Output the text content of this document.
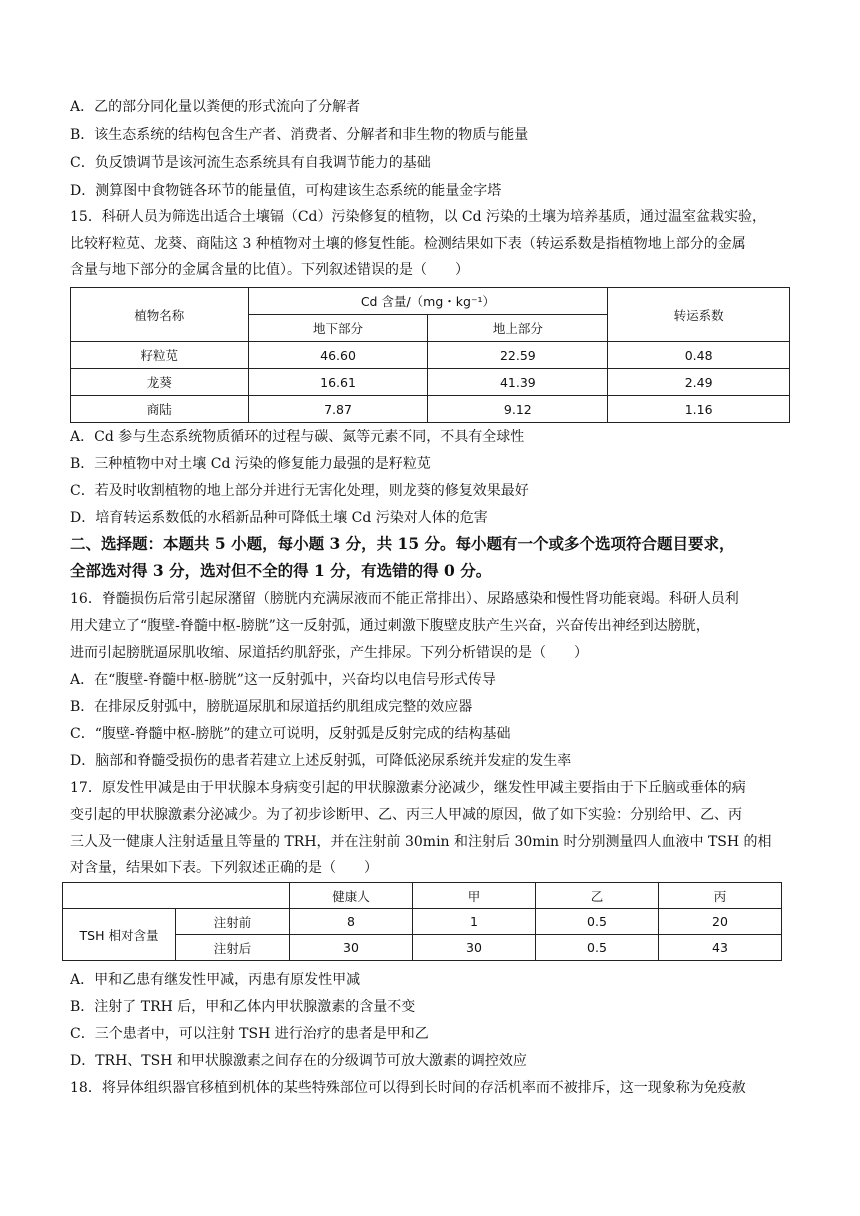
A．乙的部分同化量以粪便的形式流向了分解者
B．该生态系统的结构包含生产者、消费者、分解者和非生物的物质与能量
C．负反馈调节是该河流生态系统具有自我调节能力的基础
D．测算图中食物链各环节的能量值，可构建该生态系统的能量金字塔
15．科研人员为筛选出适合土壤镉（Cd）污染修复的植物，以 Cd 污染的土壤为培养基质，通过温室盆栽实验，
比较籽粒苋、龙葵、商陆这 3 种植物对土壤的修复性能。检测结果如下表（转运系数是指植物地上部分的金属
含量与地下部分的金属含量的比值）。下列叙述错误的是（　　）
植物名称	Cd 含量/（mg・kg⁻¹）		转运系数
	地下部分	地上部分	
籽粒苋	46.60	22.59	0.48
龙葵	16.61	41.39	2.49
商陆	7.87	9.12	1.16
A．Cd 参与生态系统物质循环的过程与碳、氮等元素不同，不具有全球性
B．三种植物中对土壤 Cd 污染的修复能力最强的是籽粒苋
C．若及时收割植物的地上部分并进行无害化处理，则龙葵的修复效果最好
D．培育转运系数低的水稻新品种可降低土壤 Cd 污染对人体的危害
二、选择题：本题共 5 小题，每小题 3 分，共 15 分。每小题有一个或多个选项符合题目要求，
全部选对得 3 分，选对但不全的得 1 分，有选错的得 0 分。
16．脊髓损伤后常引起尿潴留（膀胱内充满尿液而不能正常排出）、尿路感染和慢性肾功能衰竭。科研人员利
用犬建立了“腹壁-脊髓中枢-膀胱”这一反射弧，通过刺激下腹壁皮肤产生兴奋，兴奋传出神经到达膀胱，
进而引起膀胱逼尿肌收缩、尿道括约肌舒张，产生排尿。下列分析错误的是（　　）
A．在“腹壁-脊髓中枢-膀胱”这一反射弧中，兴奋均以电信号形式传导
B．在排尿反射弧中，膀胱逼尿肌和尿道括约肌组成完整的效应器
C．“腹壁-脊髓中枢-膀胱”的建立可说明，反射弧是反射完成的结构基础
D．脑部和脊髓受损伤的患者若建立上述反射弧，可降低泌尿系统并发症的发生率
17．原发性甲减是由于甲状腺本身病变引起的甲状腺激素分泌减少，继发性甲减主要指由于下丘脑或垂体的病
变引起的甲状腺激素分泌减少。为了初步诊断甲、乙、丙三人甲减的原因，做了如下实验：分别给甲、乙、丙
三人及一健康人注射适量且等量的 TRH，并在注射前 30min 和注射后 30min 时分别测量四人血液中 TSH 的相
对含量，结果如下表。下列叙述正确的是（　　）
		健康人	甲	乙	丙
TSH 相对含量	注射前	8	1	0.5	20
	注射后	30	30	0.5	43
A．甲和乙患有继发性甲减，丙患有原发性甲减
B．注射了 TRH 后，甲和乙体内甲状腺激素的含量不变
C．三个患者中，可以注射 TSH 进行治疗的患者是甲和乙
D．TRH、TSH 和甲状腺激素之间存在的分级调节可放大激素的调控效应
18．将异体组织器官移植到机体的某些特殊部位可以得到长时间的存活机率而不被排斥，这一现象称为免疫赦
